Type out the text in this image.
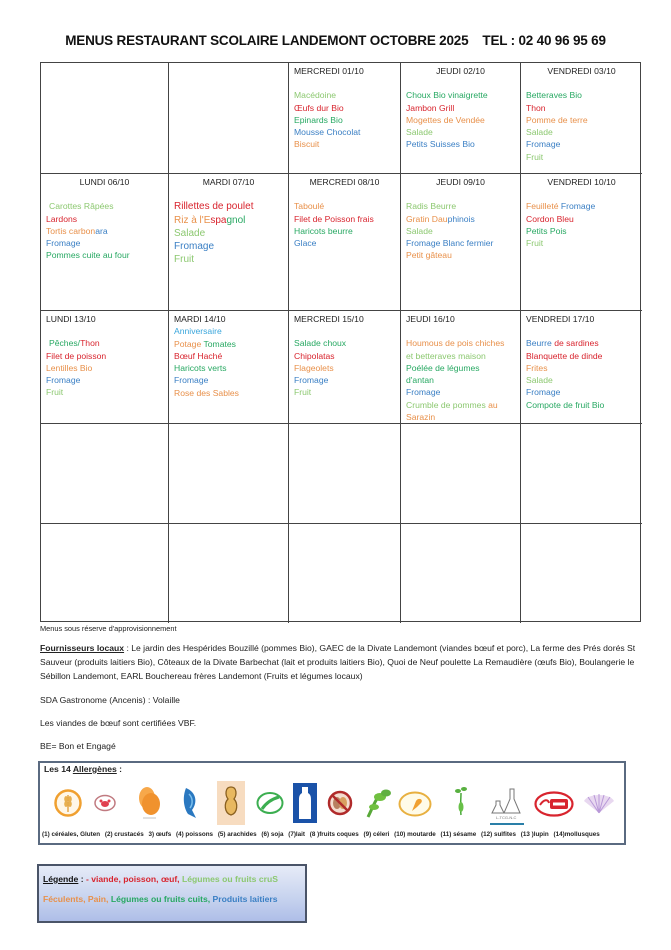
MENUS RESTAURANT SCOLAIRE LANDEMONT OCTOBRE 2025 TEL : 02 40 96 95 69
MERCREDI 01/10
Macédoine
Œufs dur Bio
Epinards Bio
Mousse Chocolat
Biscuit
JEUDI 02/10
Choux Bio vinaigrette
Jambon Grill
Mogettes de Vendée
Salade
Petits Suisses Bio
VENDREDI 03/10
Betteraves Bio
Thon
Pomme de terre
Salade
Fromage
Fruit
LUNDI 06/10
Carottes Râpées
Lardons
Tortis carbonara
Fromage
Pommes cuite au four
MARDI 07/10
Rillettes de poulet
Riz à l'Espagnol
Salade
Fromage
Fruit
MERCREDI 08/10
Taboulé
Filet de Poisson frais
Haricots beurre
Glace
JEUDI 09/10
Radis Beurre
Gratin Dauphinois
Salade
Fromage Blanc fermier
Petit gâteau
VENDREDI 10/10
Feuilleté Fromage
Cordon Bleu
Petits Pois
Fruit
LUNDI 13/10
Pêches/Thon
Filet de poisson
Lentilles Bio
Fromage
Fruit
MARDI 14/10
Anniversaire
Potage Tomates
Bœuf Haché
Haricots verts
Fromage
Rose des Sables
MERCREDI 15/10
Salade choux
Chipolatas
Flageolets
Fromage
Fruit
JEUDI 16/10
Houmous de pois chiches
et betteraves maison
Poélée de légumes
d'antan
Fromage
Crumble de pommes au
Sarazin
VENDREDI 17/10
Beurre de sardines
Blanquette de dinde
Frites
Salade
Fromage
Compote de fruit Bio
Menus sous réserve d'approvisionnement
Fournisseurs locaux : Le jardin des Hespérides Bouzillé (pommes Bio), GAEC de la Divate Landemont (viandes bœuf et porc), La ferme des Prés dorés St Sauveur (produits laitiers Bio), Côteaux de la Divate Barbechat (lait et produits laitiers Bio), Quoi de Neuf poulette La Remaudière (œufs Bio), Boulangerie le Sébillon Landemont, EARL Bouchereau frères Landemont (Fruits et légumes locaux)
SDA Gastronome (Ancenis) : Volaille
Les viandes de bœuf sont certifiées VBF.
BE= Bon et Engagé
Les 14 Allergènes :
L-TCG-N-C
(1) céréales, Gluten (2) crustacés 3) œufs (4) poissons (5) arachides (6) soja (7)lait (8 )fruits coques (9) céleri (10) moutarde (11) sésame (12) sulfites (13 )lupin (14)mollusques
Légende : - viande, poisson, œuf, Légumes ou fruits cruS
Féculents, Pain, Légumes ou fruits cuits, Produits laitiers
